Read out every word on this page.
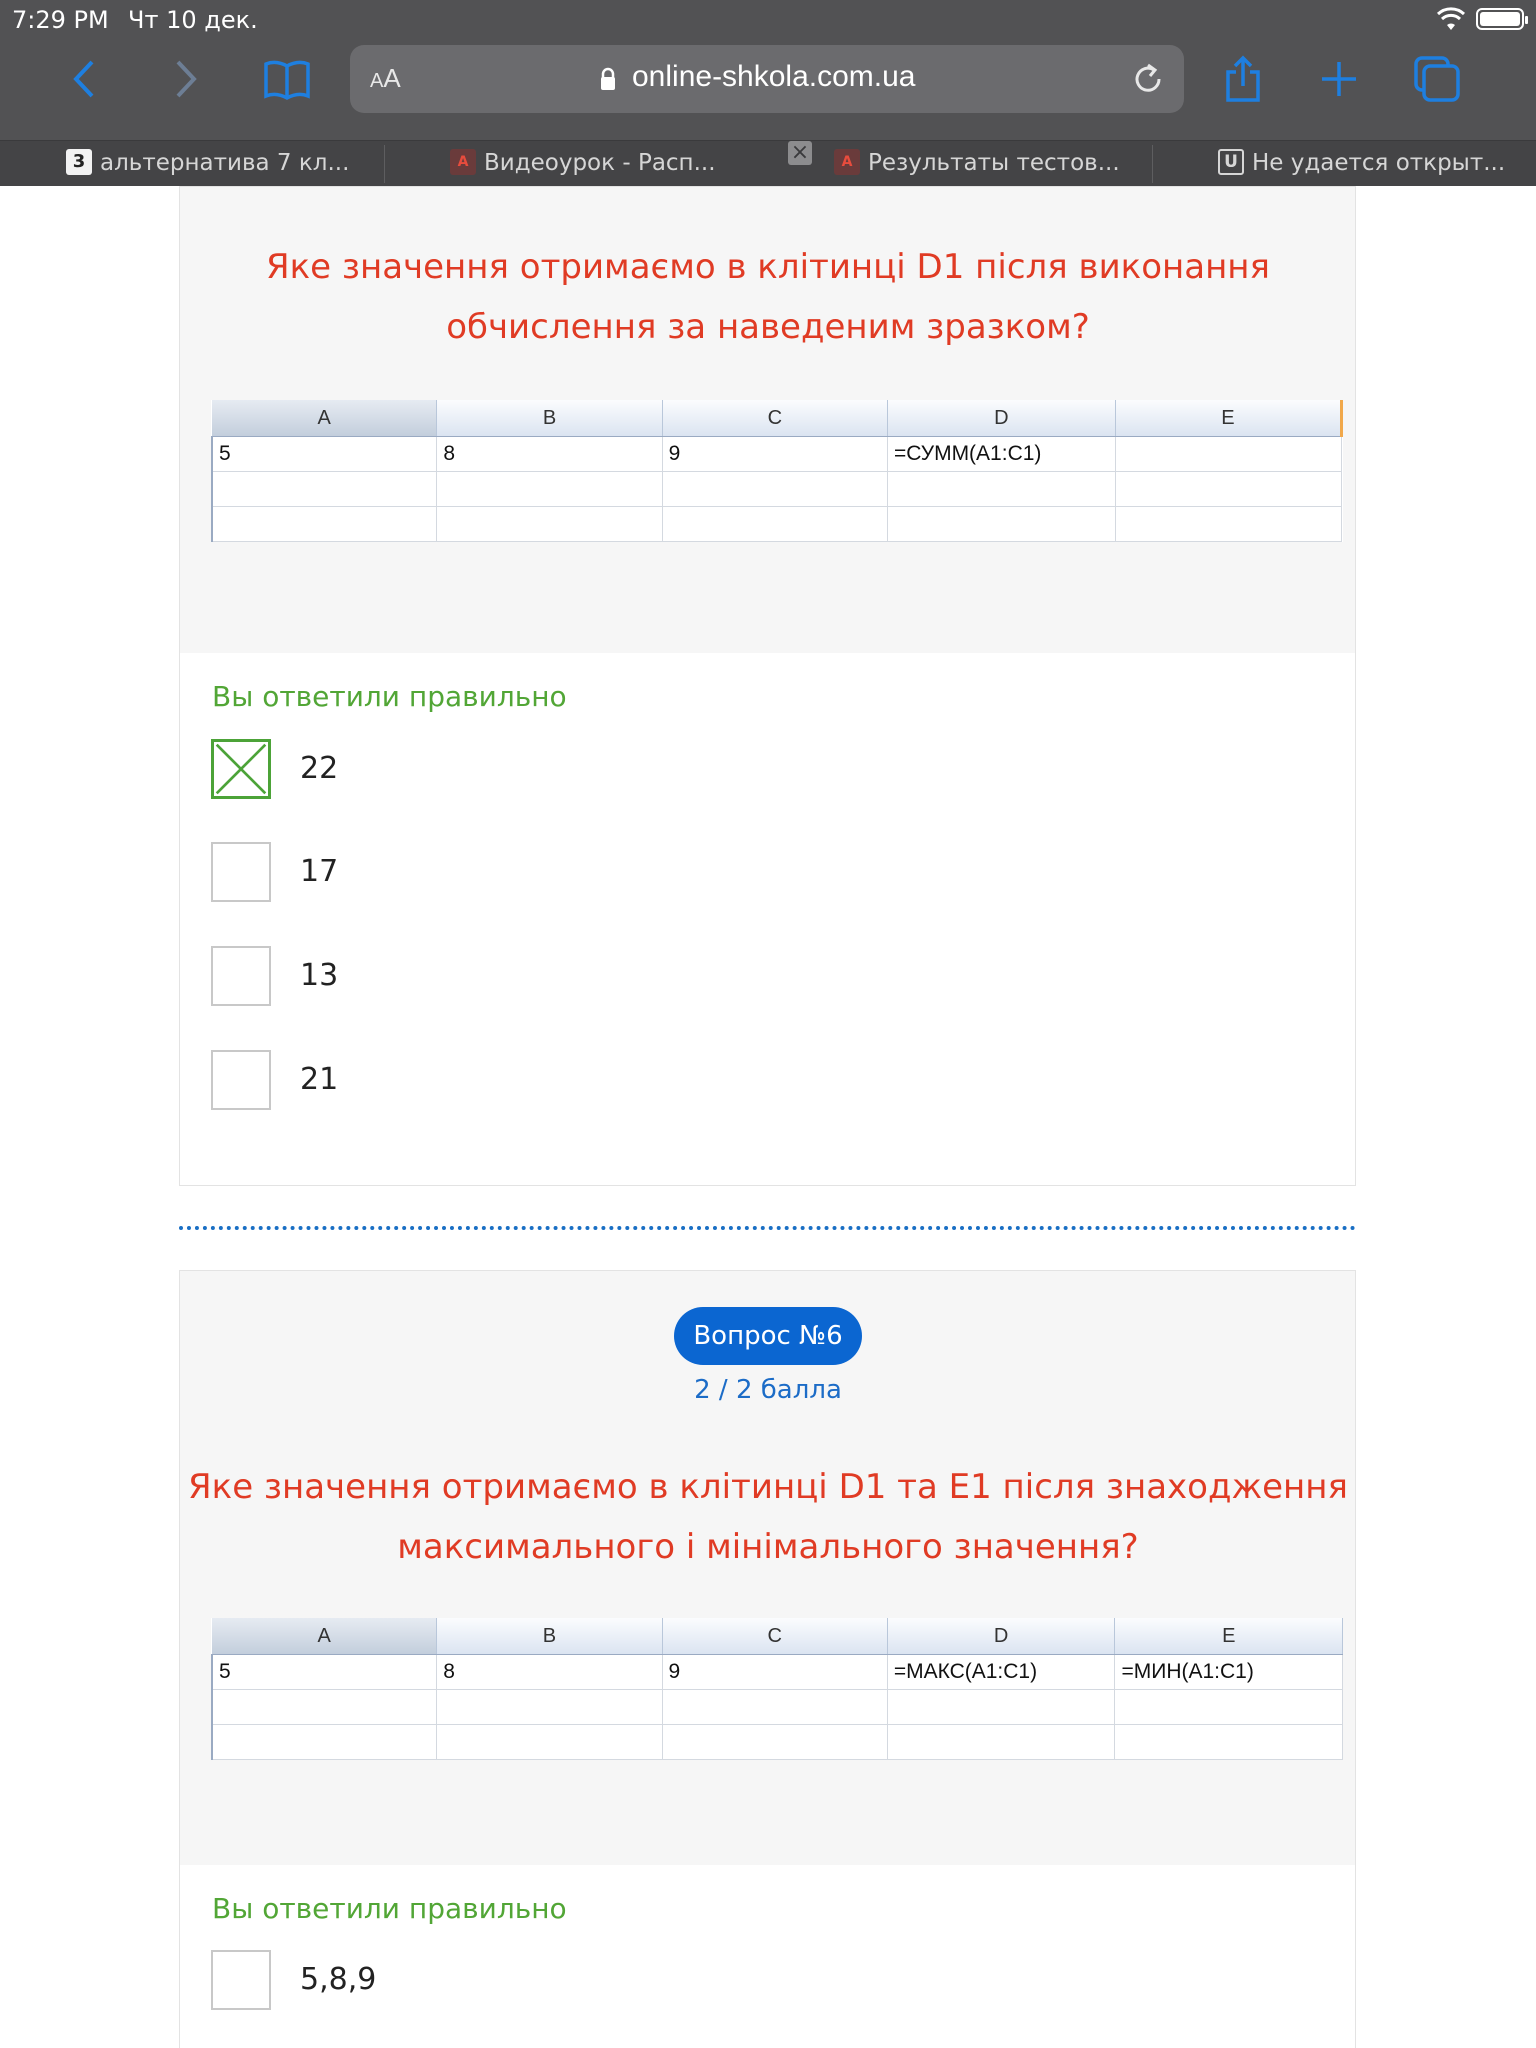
7:29 PM Чт 10 дек.
AA	online-shkola.com.ua
3 альтернатива 7 кл...	A Видеоурок - Расп...	A Результаты тестов...	U Не удается открыт...
×
Яке значення отримаємо в клітинці D1 після виконання
обчислення за наведеним зразком?
A	B	C	D	E
5	8	9	=СУММ(A1:C1)	

Вы ответили правильно
22
17
13
21
Вопрос №6
2 / 2 балла
Яке значення отримаємо в клітинці D1 та E1 після знаходження
максимального і мінімального значення?
A	B	C	D	E
5	8	9	=МАКС(A1:C1)	=МИН(A1:C1)

Вы ответили правильно
5,8,9
